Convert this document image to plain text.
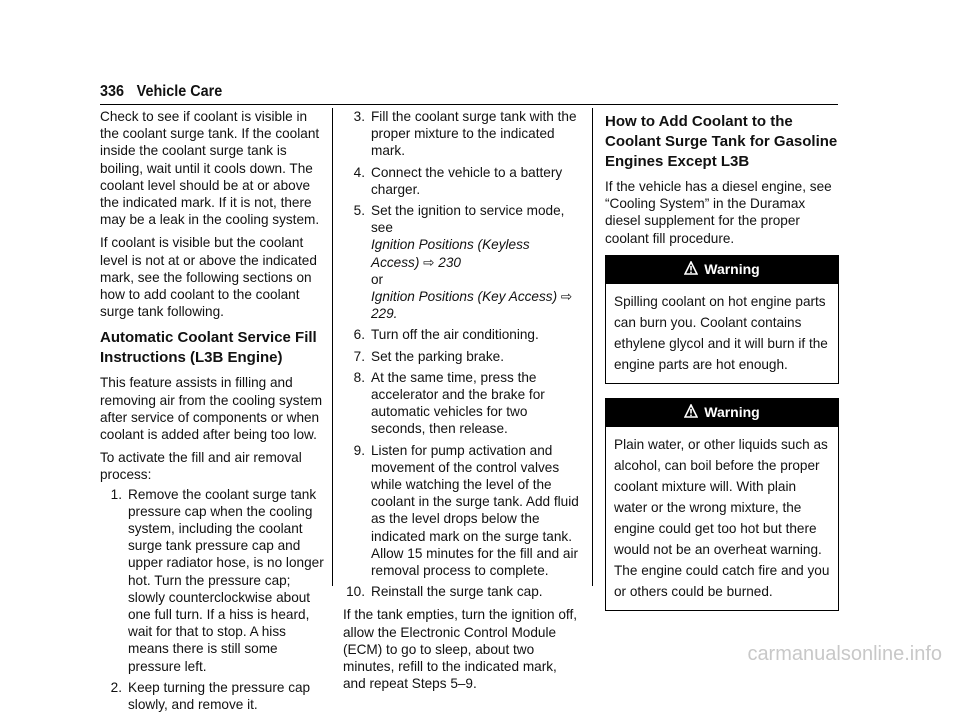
336 Vehicle Care

Check to see if coolant is visible in the coolant surge tank. If the coolant inside the coolant surge tank is boiling, wait until it cools down. The coolant level should be at or above the indicated mark. If it is not, there may be a leak in the cooling system.

If coolant is visible but the coolant level is not at or above the indicated mark, see the following sections on how to add coolant to the coolant surge tank following.

Automatic Coolant Service Fill Instructions (L3B Engine)

This feature assists in filling and removing air from the cooling system after service of components or when coolant is added after being too low.

To activate the fill and air removal process:

1. Remove the coolant surge tank pressure cap when the cooling system, including the coolant surge tank pressure cap and upper radiator hose, is no longer hot. Turn the pressure cap; slowly counterclockwise about one full turn. If a hiss is heard, wait for that to stop. A hiss means there is still some pressure left.
2. Keep turning the pressure cap slowly, and remove it.
3. Fill the coolant surge tank with the proper mixture to the indicated mark.
4. Connect the vehicle to a battery charger.
5. Set the ignition to service mode, see
Ignition Positions (Keyless Access) ⇨ 230
or
Ignition Positions (Key Access) ⇨ 229.
6. Turn off the air conditioning.
7. Set the parking brake.
8. At the same time, press the accelerator and the brake for automatic vehicles for two seconds, then release.
9. Listen for pump activation and movement of the control valves while watching the level of the coolant in the surge tank. Add fluid as the level drops below the indicated mark on the surge tank. Allow 15 minutes for the fill and air removal process to complete.
10. Reinstall the surge tank cap.

If the tank empties, turn the ignition off, allow the Electronic Control Module (ECM) to go to sleep, about two minutes, refill to the indicated mark, and repeat Steps 5–9.

How to Add Coolant to the Coolant Surge Tank for Gasoline Engines Except L3B

If the vehicle has a diesel engine, see “Cooling System” in the Duramax diesel supplement for the proper coolant fill procedure.

Warning
Spilling coolant on hot engine parts can burn you. Coolant contains ethylene glycol and it will burn if the engine parts are hot enough.
Warning
Plain water, or other liquids such as alcohol, can boil before the proper coolant mixture will. With plain water or the wrong mixture, the engine could get too hot but there would not be an overheat warning. The engine could catch fire and you or others could be burned.
carmanualsonline.info
